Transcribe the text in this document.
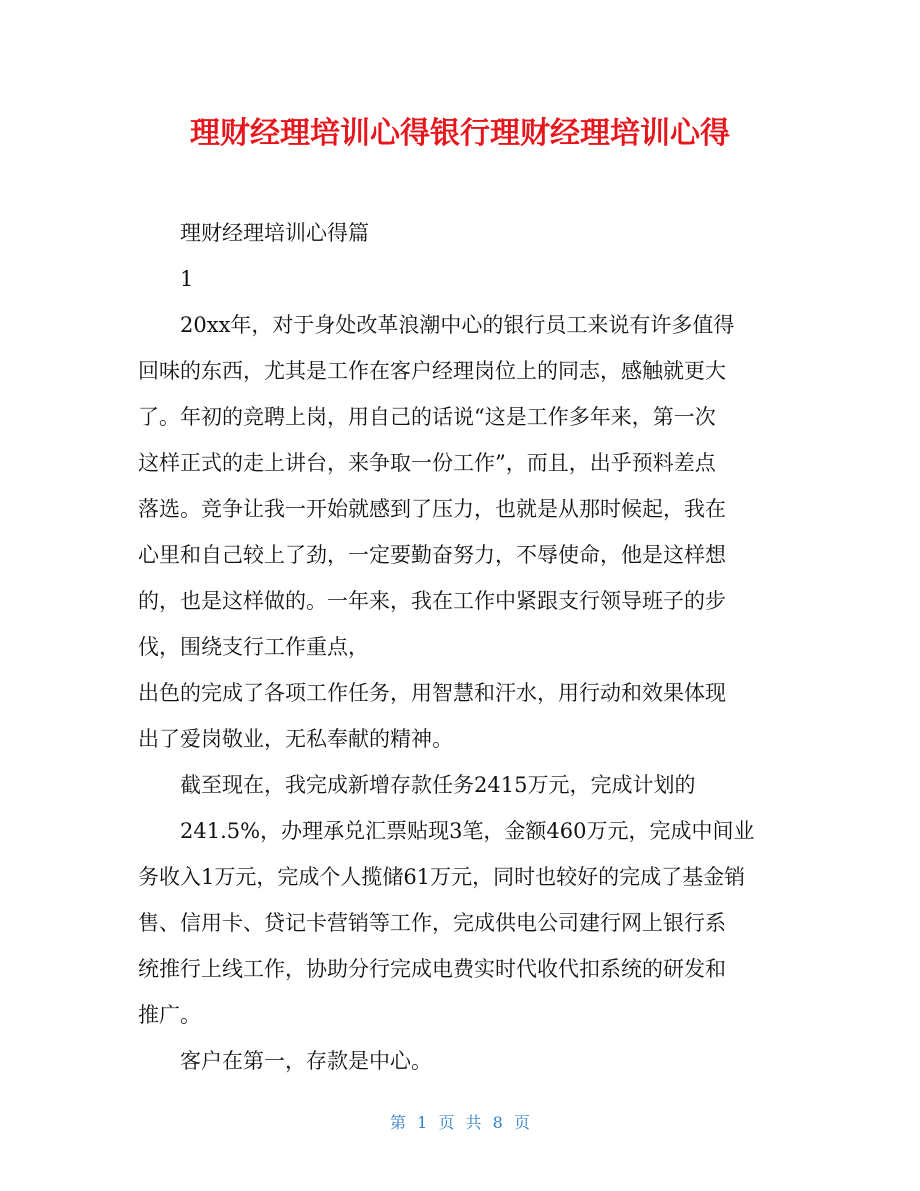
理财经理培训心得银行理财经理培训心得
理财经理培训心得篇
1
20xx年，对于身处改革浪潮中心的银行员工来说有许多值得
回味的东西，尤其是工作在客户经理岗位上的同志，感触就更大
了。年初的竞聘上岗，用自己的话说“这是工作多年来，第一次
这样正式的走上讲台，来争取一份工作”，而且，出乎预料差点
落选。竞争让我一开始就感到了压力，也就是从那时候起，我在
心里和自己较上了劲，一定要勤奋努力，不辱使命，他是这样想
的，也是这样做的。一年来，我在工作中紧跟支行领导班子的步
伐，围绕支行工作重点，
出色的完成了各项工作任务，用智慧和汗水，用行动和效果体现
出了爱岗敬业，无私奉献的精神。
截至现在，我完成新增存款任务2415万元，完成计划的
241.5%，办理承兑汇票贴现3笔，金额460万元，完成中间业
务收入1万元，完成个人揽储61万元，同时也较好的完成了基金销
售、信用卡、贷记卡营销等工作，完成供电公司建行网上银行系
统推行上线工作，协助分行完成电费实时代收代扣系统的研发和
推广。
客户在第一，存款是中心。
第 1 页 共 8 页
